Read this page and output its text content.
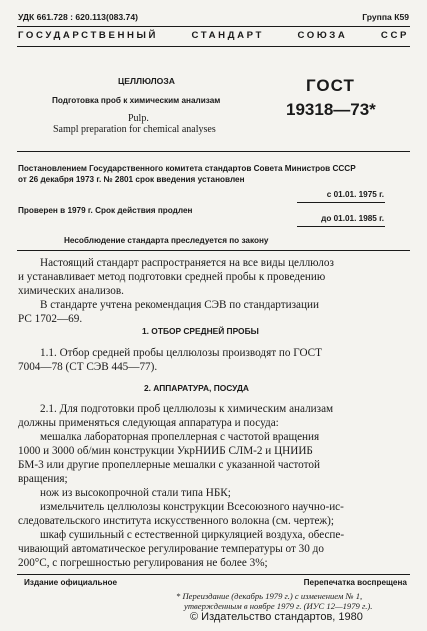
УДК 661.728 : 620.113(083.74)	Группа К59
ГОСУДАРСТВЕННЫЙ СТАНДАРТ СОЮЗА ССР
ЦЕЛЛЮЛОЗА
Подготовка проб к химическим анализам
Pulp.
Sampl preparation for chemical analyses
ГОСТ
19318—73*
Постановлением Государственного комитета стандартов Совета Министров СССР
от 26 декабря 1973 г. № 2801 срок введения установлен
с 01.01. 1975 г.
Проверен в 1979 г. Срок действия продлен
до 01.01. 1985 г.
Несоблюдение стандарта преследуется по закону
Настоящий стандарт распространяется на все виды целлюлоз
и устанавливает метод подготовки средней пробы к проведению
химических анализов.
В стандарте учтена рекомендация СЭВ по стандартизации
РС 1702—69.
1. ОТБОР СРЕДНЕЙ ПРОБЫ
1.1. Отбор средней пробы целлюлозы производят по ГОСТ
7004—78 (СТ СЭВ 445—77).
2. АППАРАТУРА, ПОСУДА
2.1. Для подготовки проб целлюлозы к химическим анализам
должны применяться следующая аппаратура и посуда:
мешалка лабораторная пропеллерная с частотой вращения
1000 и 3000 об/мин конструкции УкрНИИБ СЛМ-2 и ЦНИИБ
БМ-3 или другие пропеллерные мешалки с указанной частотой
вращения;
нож из высокопрочной стали типа НБК;
измельчитель целлюлозы конструкции Всесоюзного научно-ис-
следовательского института искусственного волокна (см. чертеж);
шкаф сушильный с естественной циркуляцией воздуха, обеспе-
чивающий автоматическое регулирование температуры от 30 до
200°С, с погрешностью регулирования не более 3%;
Издание официальное	Перепечатка воспрещена
* Переиздание (декабрь 1979 г.) с изменением № 1,
утвержденным в ноябре 1979 г. (ИУС 12—1979 г.).
© Издательство стандартов, 1980
